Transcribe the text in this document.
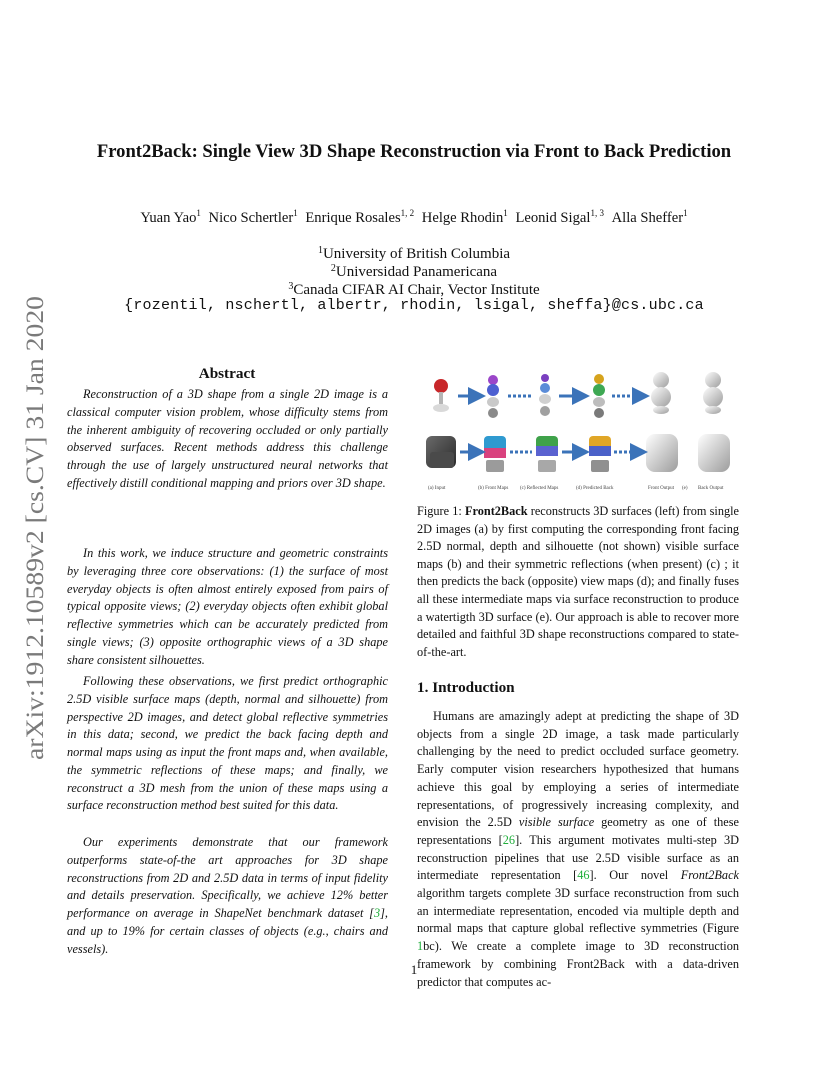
arXiv:1912.10589v2 [cs.CV] 31 Jan 2020
Front2Back: Single View 3D Shape Reconstruction via Front to Back Prediction
Yuan Yao$^1$ Nico Schertler$^1$ Enrique Rosales$^{1, 2}$ Helge Rhodin$^1$ Leonid Sigal$^{1, 3}$ Alla Sheffer$^1$
$^1$University of British Columbia
$^2$Universidad Panamericana
$^3$Canada CIFAR AI Chair, Vector Institute
{rozentil, nschertl, albertr, rhodin, lsigal, sheffa}@cs.ubc.ca
Abstract

Reconstruction of a 3D shape from a single 2D image is a classical computer vision problem, whose difficulty stems from the inherent ambiguity of recovering occluded or only partially observed surfaces. Recent methods address this challenge through the use of largely unstructured neural networks that effectively distill conditional mapping and priors over 3D shape.

In this work, we induce structure and geometric constraints by leveraging three core observations: (1) the surface of most everyday objects is often almost entirely exposed from pairs of typical opposite views; (2) everyday objects often exhibit global reflective symmetries which can be accurately predicted from single views; (3) opposite orthographic views of a 3D shape share consistent silhouettes.

Following these observations, we first predict orthographic 2.5D visible surface maps (depth, normal and silhouette) from perspective 2D images, and detect global reflective symmetries in this data; second, we predict the back facing depth and normal maps using as input the front maps and, when available, the symmetric reflections of these maps; and finally, we reconstruct a 3D mesh from the union of these maps using a surface reconstruction method best suited for this data.

Our experiments demonstrate that our framework outperforms state-of-the art approaches for 3D shape reconstructions from 2D and 2.5D data in terms of input fidelity and details preservation. Specifically, we achieve 12% better performance on average in ShapeNet benchmark dataset [3], and up to 19% for certain classes of objects (e.g., chairs and vessels).

(a) Input	(b) Front Maps (c) Reflected Maps	(d) Predicted Back	Front Output (e) Back Output

Figure 1: Front2Back reconstructs 3D surfaces (left) from single 2D images (a) by first computing the corresponding front facing 2.5D normal, depth and silhouette (not shown) visible surface maps (b) and their symmetric reflections (when present) (c) ; it then predicts the back (opposite) view maps (d); and finally fuses all these intermediate maps via surface reconstruction to produce a watertigth 3D surface (e). Our approach is able to recover more detailed and faithful 3D shape reconstructions compared to state-of-the-art.

1. Introduction

Humans are amazingly adept at predicting the shape of 3D objects from a single 2D image, a task made particularly challenging by the need to predict occluded surface geometry. Early computer vision researchers hypothesized that humans achieve this goal by employing a series of intermediate representations, of progressively increasing complexity, and envision the 2.5D visible surface geometry as one of these representations [26]. This argument motivates multi-step 3D reconstruction pipelines that use 2.5D visible surface as an intermediate representation [46]. Our novel Front2Back algorithm targets complete 3D surface reconstruction from such an intermediate representation, encoded via multiple depth and normal maps that capture global reflective symmetries (Figure 1bc). We create a complete image to 3D reconstruction framework by combining Front2Back with a data-driven predictor that computes ac-

1
